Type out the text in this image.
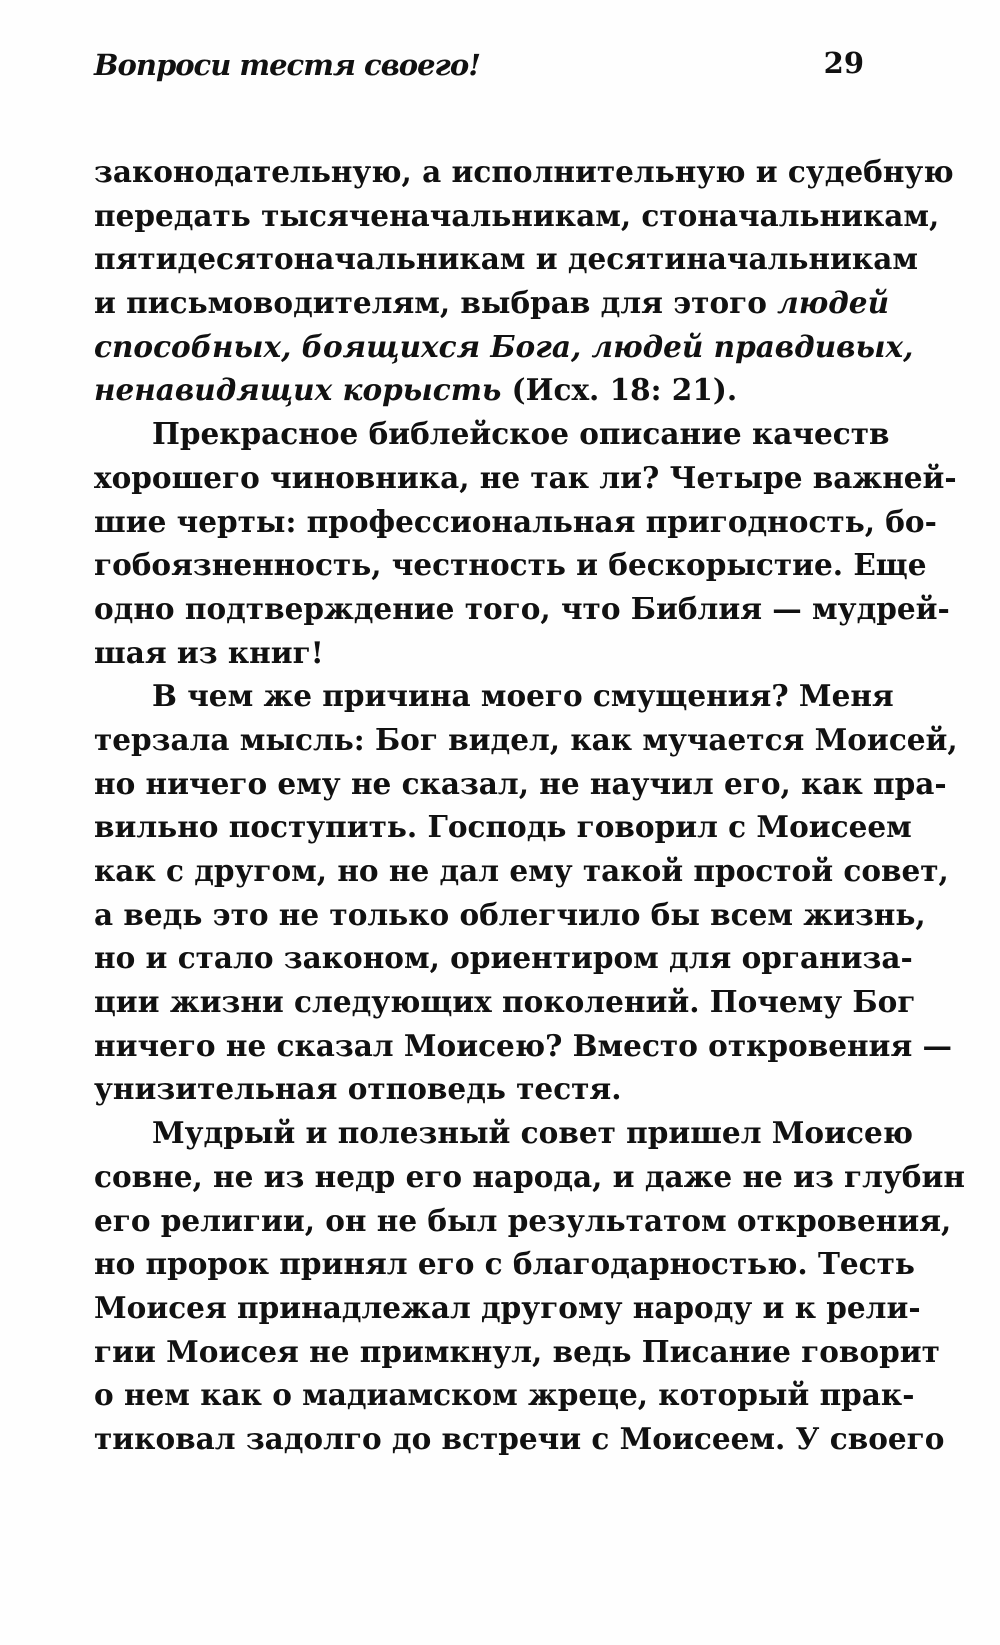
Вопроси тестя своего!	29
законодательную, а исполнительную и судебную
передать тысяченачальникам, стоначальникам,
пятидесятоначальникам и десятиначальникам
и письмоводителям, выбрав для этого людей
способных, боящихся Бога, людей правдивых,
ненавидящих корысть (Исх. 18: 21).
Прекрасное библейское описание качеств
хорошего чиновника, не так ли? Четыре важней-
шие черты: профессиональная пригодность, бо-
гобоязненность, честность и бескорыстие. Еще
одно подтверждение того, что Библия — мудрей-
шая из книг!
В чем же причина моего смущения? Меня
терзала мысль: Бог видел, как мучается Моисей,
но ничего ему не сказал, не научил его, как пра-
вильно поступить. Господь говорил с Моисеем
как с другом, но не дал ему такой простой совет,
а ведь это не только облегчило бы всем жизнь,
но и стало законом, ориентиром для организа-
ции жизни следующих поколений. Почему Бог
ничего не сказал Моисею? Вместо откровения —
унизительная отповедь тестя.
Мудрый и полезный совет пришел Моисею
совне, не из недр его народа, и даже не из глубин
его религии, он не был результатом откровения,
но пророк принял его с благодарностью. Тесть
Моисея принадлежал другому народу и к рели-
гии Моисея не примкнул, ведь Писание говорит
о нем как о мадиамском жреце, который прак-
тиковал задолго до встречи с Моисеем. У своего
